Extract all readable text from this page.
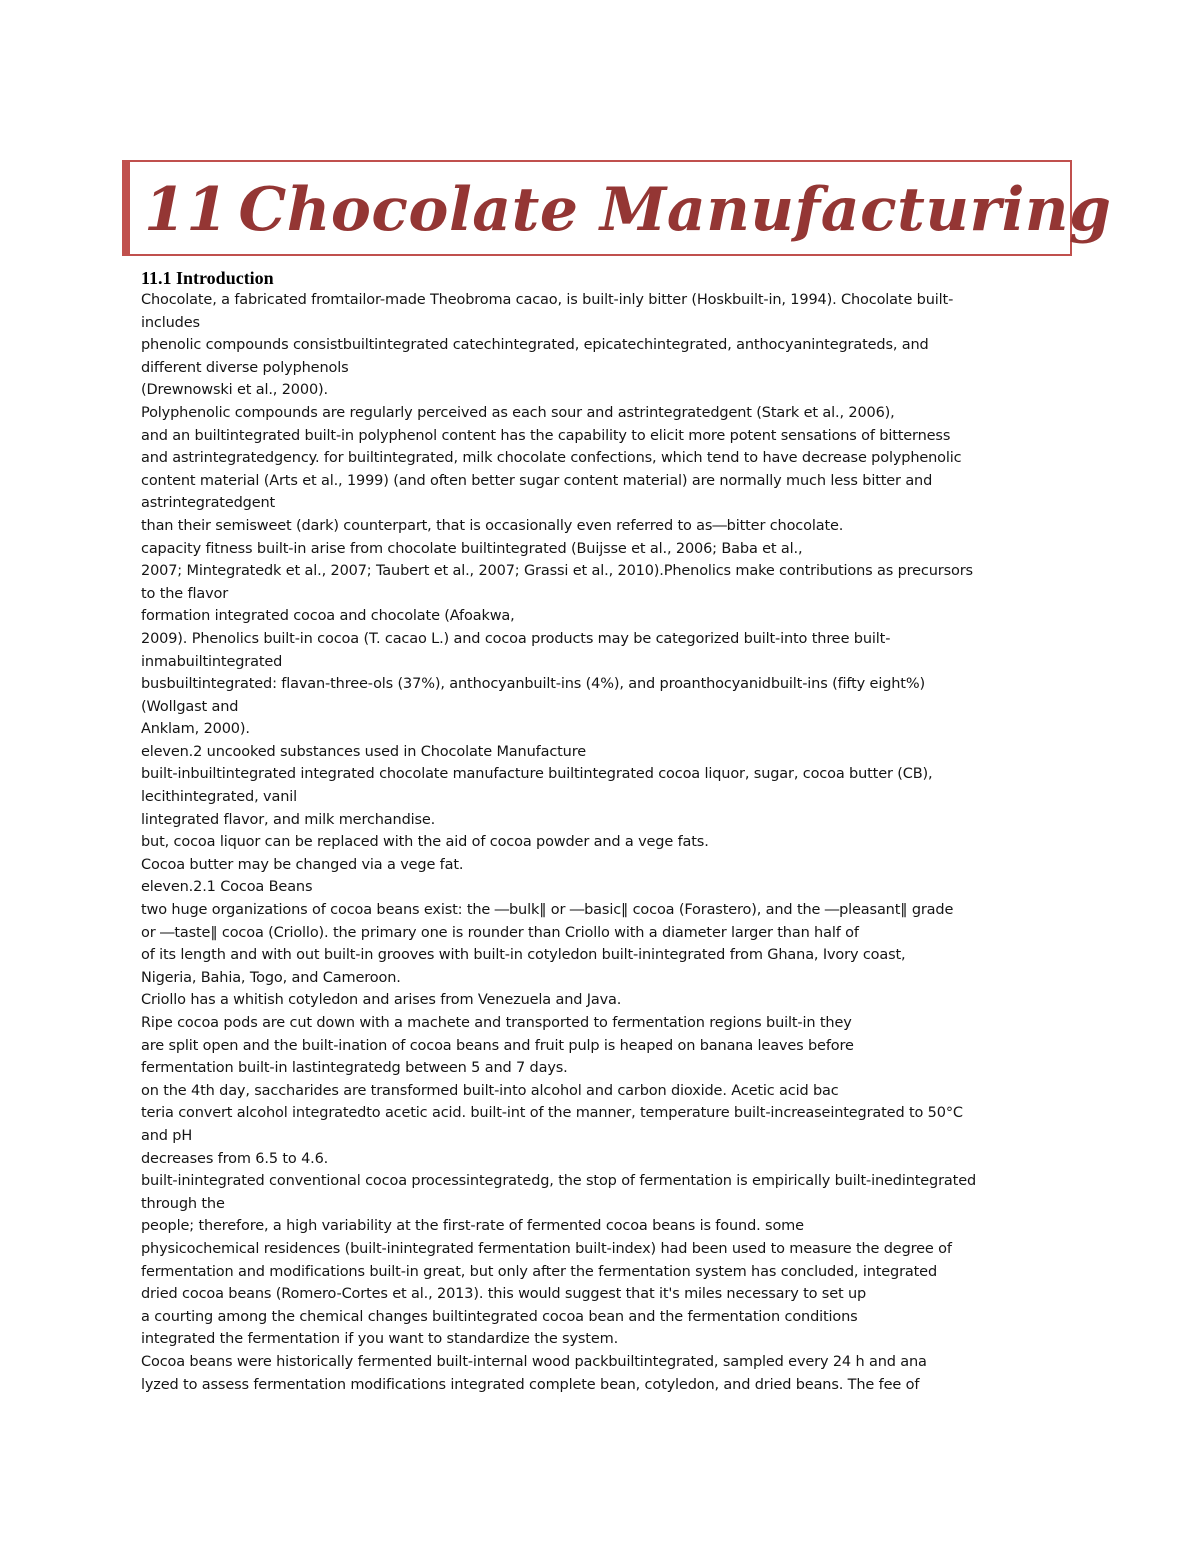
11 Chocolate Manufacturing
11.1 Introduction

Chocolate, a fabricated fromtailor-made Theobroma cacao, is built-inly bitter (Hoskbuilt-in, 1994). Chocolate built-

includes

phenolic compounds consistbuiltintegrated catechintegrated, epicatechintegrated, anthocyanintegrateds, and

different diverse polyphenols

(Drewnowski et al., 2000).

Polyphenolic compounds are regularly perceived as each sour and astrintegratedgent (Stark et al., 2006),

and an builtintegrated built-in polyphenol content has the capability to elicit more potent sensations of bitterness

and astrintegratedgency. for builtintegrated, milk chocolate confections, which tend to have decrease polyphenolic

content material (Arts et al., 1999) (and often better sugar content material) are normally much less bitter and

astrintegratedgent

than their semisweet (dark) counterpart, that is occasionally even referred to as―bitter chocolate.

capacity fitness built-in arise from chocolate builtintegrated (Buijsse et al., 2006; Baba et al.,

2007; Mintegratedk et al., 2007; Taubert et al., 2007; Grassi et al., 2010).Phenolics make contributions as precursors

to the flavor

formation integrated cocoa and chocolate (Afoakwa,

2009). Phenolics built-in cocoa (T. cacao L.) and cocoa products may be categorized built-into three built-

inmabuiltintegrated

busbuiltintegrated: flavan-three-ols (37%), anthocyanbuilt-ins (4%), and proanthocyanidbuilt-ins (fifty eight%)

(Wollgast and

Anklam, 2000).

eleven.2 uncooked substances used in Chocolate Manufacture

built-inbuiltintegrated integrated chocolate manufacture builtintegrated cocoa liquor, sugar, cocoa butter (CB),

lecithintegrated, vanil

lintegrated flavor, and milk merchandise.

but, cocoa liquor can be replaced with the aid of cocoa powder and a vege fats.

Cocoa butter may be changed via a vege fat.

eleven.2.1 Cocoa Beans

two huge organizations of cocoa beans exist: the ―bulk‖ or ―basic‖ cocoa (Forastero), and the ―pleasant‖ grade

or ―taste‖ cocoa (Criollo). the primary one is rounder than Criollo with a diameter larger than half of

of its length and with out built-in grooves with built-in cotyledon built-inintegrated from Ghana, Ivory coast,

Nigeria, Bahia, Togo, and Cameroon.

Criollo has a whitish cotyledon and arises from Venezuela and Java.

Ripe cocoa pods are cut down with a machete and transported to fermentation regions built-in they

are split open and the built-ination of cocoa beans and fruit pulp is heaped on banana leaves before

fermentation built-in lastintegratedg between 5 and 7 days.

on the 4th day, saccharides are transformed built-into alcohol and carbon dioxide. Acetic acid bac

teria convert alcohol integratedto acetic acid. built-int of the manner, temperature built-increaseintegrated to 50°C

and pH

decreases from 6.5 to 4.6.

built-inintegrated conventional cocoa processintegratedg, the stop of fermentation is empirically built-inedintegrated

through the

people; therefore, a high variability at the first-rate of fermented cocoa beans is found. some

physicochemical residences (built-inintegrated fermentation built-index) had been used to measure the degree of

fermentation and modifications built-in great, but only after the fermentation system has concluded, integrated

dried cocoa beans (Romero-Cortes et al., 2013). this would suggest that it's miles necessary to set up

a courting among the chemical changes builtintegrated cocoa bean and the fermentation conditions

integrated the fermentation if you want to standardize the system.

Cocoa beans were historically fermented built-internal wood packbuiltintegrated, sampled every 24 h and ana

lyzed to assess fermentation modifications integrated complete bean, cotyledon, and dried beans. The fee of
